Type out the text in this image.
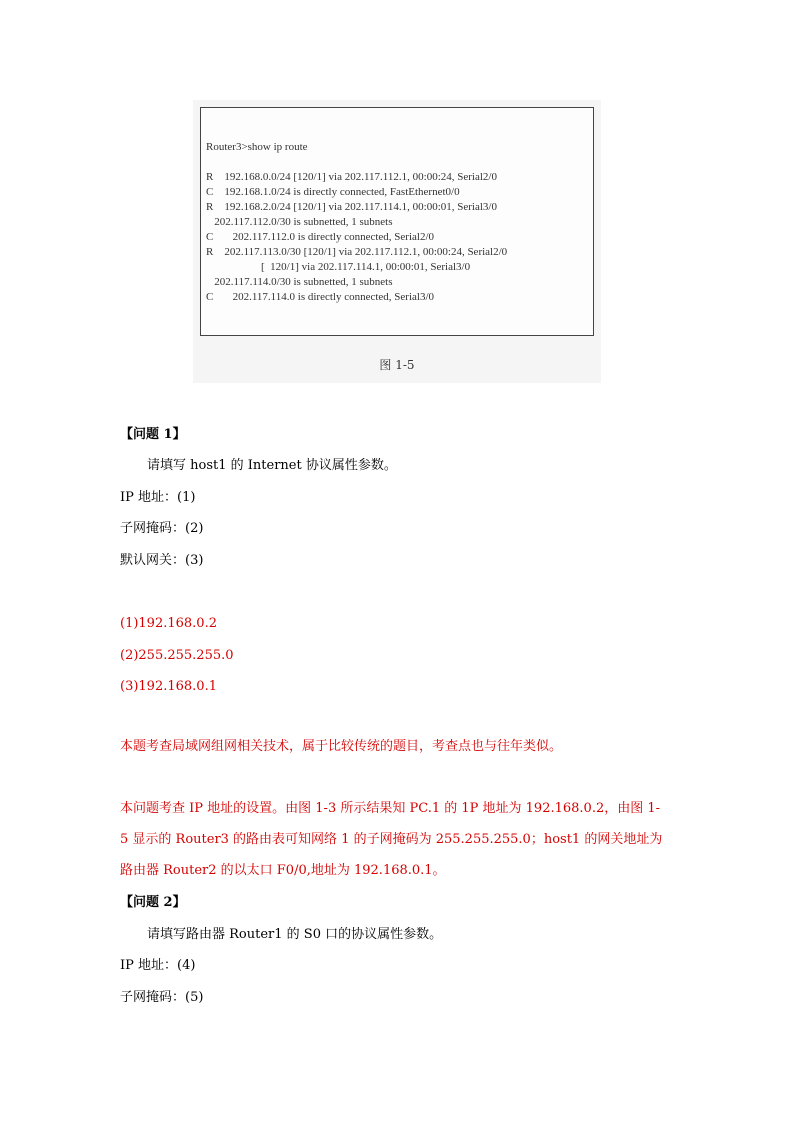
Router3>show ip route
R    192.168.0.0/24 [120/1] via 202.117.112.1, 00:00:24, Serial2/0
C    192.168.1.0/24 is directly connected, FastEthernet0/0
R    192.168.2.0/24 [120/1] via 202.117.114.1, 00:00:01, Serial3/0
202.117.112.0/30 is subnetted, 1 subnets
C       202.117.112.0 is directly connected, Serial2/0
R    202.117.113.0/30 [120/1] via 202.117.112.1, 00:00:24, Serial2/0
[  120/1] via 202.117.114.1, 00:00:01, Serial3/0
202.117.114.0/30 is subnetted, 1 subnets
C       202.117.114.0 is directly connected, Serial3/0
图 1-5
【问题 1】
请填写 host1 的 Internet 协议属性参数。
IP 地址：(1)
子网掩码：(2)
默认网关：(3)
(1)192.168.0.2
(2)255.255.255.0
(3)192.168.0.1
本题考查局域网组网相关技术，属于比较传统的题目，考查点也与往年类似。
本问题考查 IP 地址的设置。由图 1-3 所示结果知 PC.1 的 1P 地址为 192.168.0.2，由图 1-
5 显示的 Router3 的路由表可知网络 1 的子网掩码为 255.255.255.0；host1 的网关地址为
路由器 Router2 的以太口 F0/0,地址为 192.168.0.1。
【问题 2】
请填写路由器 Router1 的 S0 口的协议属性参数。
IP 地址：(4)
子网掩码：(5)
